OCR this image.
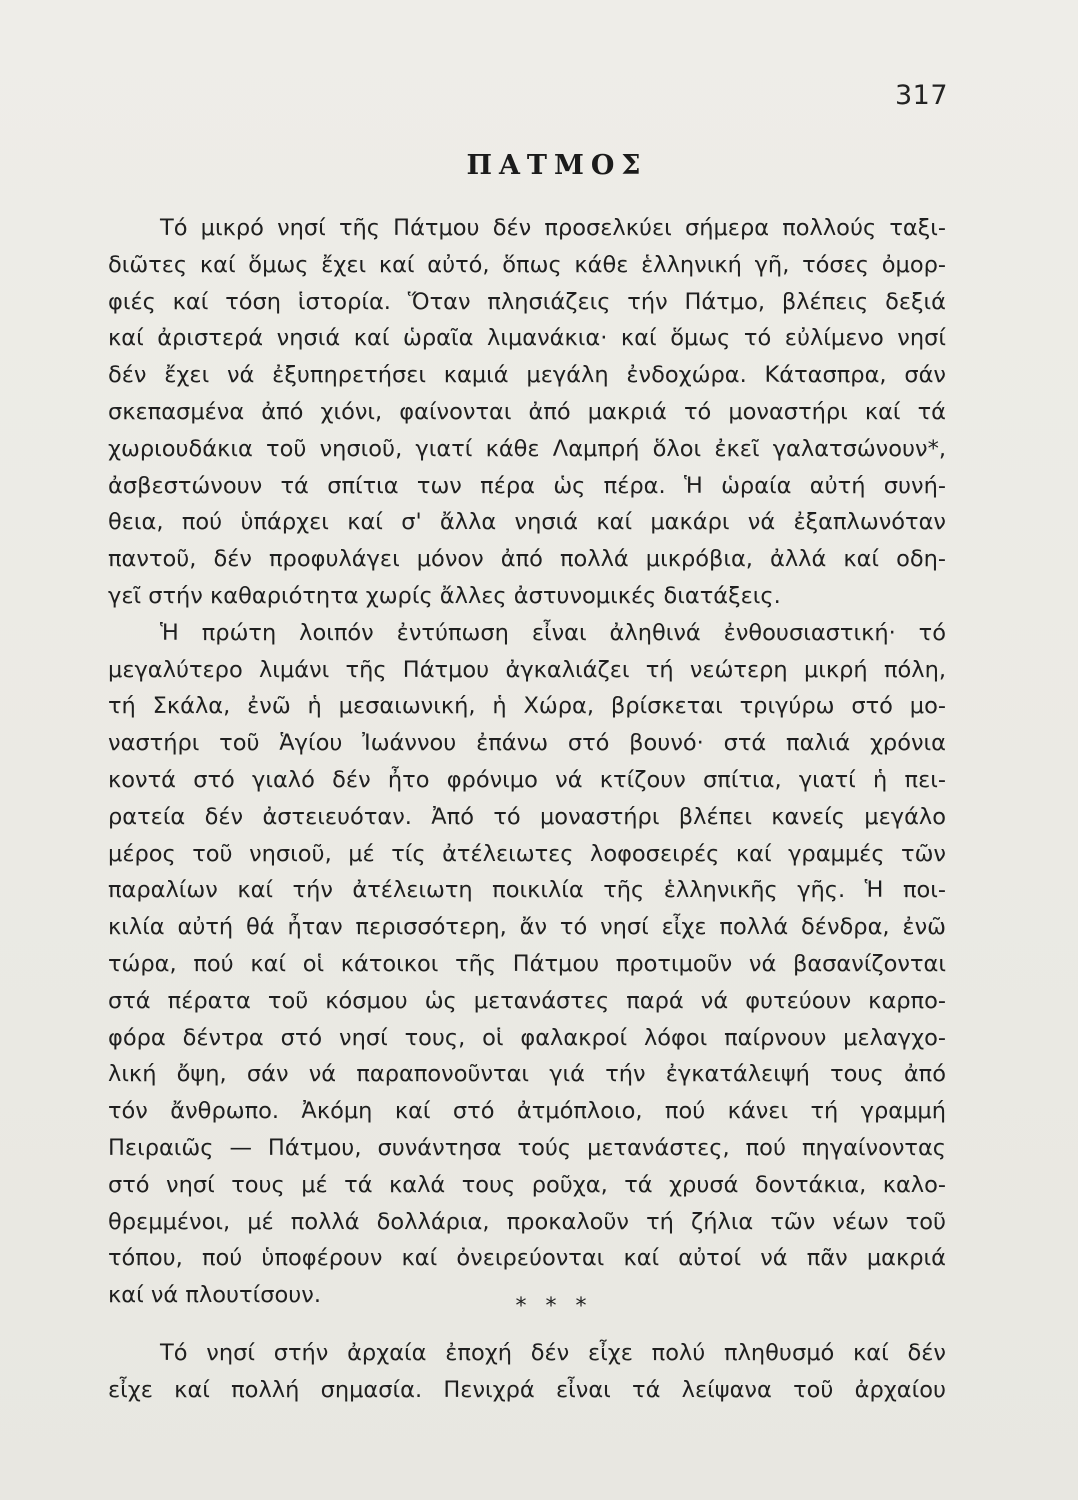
317
ΠΑΤΜΟΣ
Τό μικρό νησί τῆς Πάτμου δέν προσελκύει σήμερα πολλούς ταξι-
διῶτες καί ὅμως ἔχει καί αὐτό, ὅπως κάθε ἑλληνική γῆ, τόσες ὀμορ-
φιές καί τόση ἱστορία. Ὅταν πλησιάζεις τήν Πάτμο, βλέπεις δεξιά
καί ἀριστερά νησιά καί ὡραῖα λιμανάκια· καί ὅμως τό εὐλίμενο νησί
δέν ἔχει νά ἐξυπηρετήσει καμιά μεγάλη ἐνδοχώρα. Κάτασπρα, σάν
σκεπασμένα ἀπό χιόνι, φαίνονται ἀπό μακριά τό μοναστήρι καί τά
χωριουδάκια τοῦ νησιοῦ, γιατί κάθε Λαμπρή ὅλοι ἐκεῖ γαλατσώνουν*,
ἀσβεστώνουν τά σπίτια των πέρα ὡς πέρα. Ἡ ὡραία αὐτή συνή-
θεια, πού ὑπάρχει καί σ' ἄλλα νησιά καί μακάρι νά ἐξαπλωνόταν
παντοῦ, δέν προφυλάγει μόνον ἀπό πολλά μικρόβια, ἀλλά καί οδη-
γεῖ στήν καθαριότητα χωρίς ἄλλες ἀστυνομικές διατάξεις.
Ἡ πρώτη λοιπόν ἐντύπωση εἶναι ἀληθινά ἐνθουσιαστική· τό
μεγαλύτερο λιμάνι τῆς Πάτμου ἀγκαλιάζει τή νεώτερη μικρή πόλη,
τή Σκάλα, ἐνῶ ἡ μεσαιωνική, ἡ Χώρα, βρίσκεται τριγύρω στό μο-
ναστήρι τοῦ Ἁγίου Ἰωάννου ἐπάνω στό βουνό· στά παλιά χρόνια
κοντά στό γιαλό δέν ἦτο φρόνιμο νά κτίζουν σπίτια, γιατί ἡ πει-
ρατεία δέν ἀστειευόταν. Ἀπό τό μοναστήρι βλέπει κανείς μεγάλο
μέρος τοῦ νησιοῦ, μέ τίς ἀτέλειωτες λοφοσειρές καί γραμμές τῶν
παραλίων καί τήν ἀτέλειωτη ποικιλία τῆς ἑλληνικῆς γῆς. Ἡ ποι-
κιλία αὐτή θά ἦταν περισσότερη, ἄν τό νησί εἶχε πολλά δένδρα, ἐνῶ
τώρα, πού καί οἱ κάτοικοι τῆς Πάτμου προτιμοῦν νά βασανίζονται
στά πέρατα τοῦ κόσμου ὡς μετανάστες παρά νά φυτεύουν καρπο-
φόρα δέντρα στό νησί τους, οἱ φαλακροί λόφοι παίρνουν μελαγχο-
λική ὄψη, σάν νά παραπονοῦνται γιά τήν ἐγκατάλειψή τους ἀπό
τόν ἄνθρωπο. Ἀκόμη καί στό ἀτμόπλοιο, πού κάνει τή γραμμή
Πειραιῶς — Πάτμου, συνάντησα τούς μετανάστες, πού πηγαίνοντας
στό νησί τους μέ τά καλά τους ροῦχα, τά χρυσά δοντάκια, καλο-
θρεμμένοι, μέ πολλά δολλάρια, προκαλοῦν τή ζήλια τῶν νέων τοῦ
τόπου, πού ὑποφέρουν καί ὀνειρεύονται καί αὐτοί νά πᾶν μακριά
καί νά πλουτίσουν.	* * *
Τό νησί στήν ἀρχαία ἐποχή δέν εἶχε πολύ πληθυσμό καί δέν
εἶχε καί πολλή σημασία. Πενιχρά εἶναι τά λείψανα τοῦ ἀρχαίου
